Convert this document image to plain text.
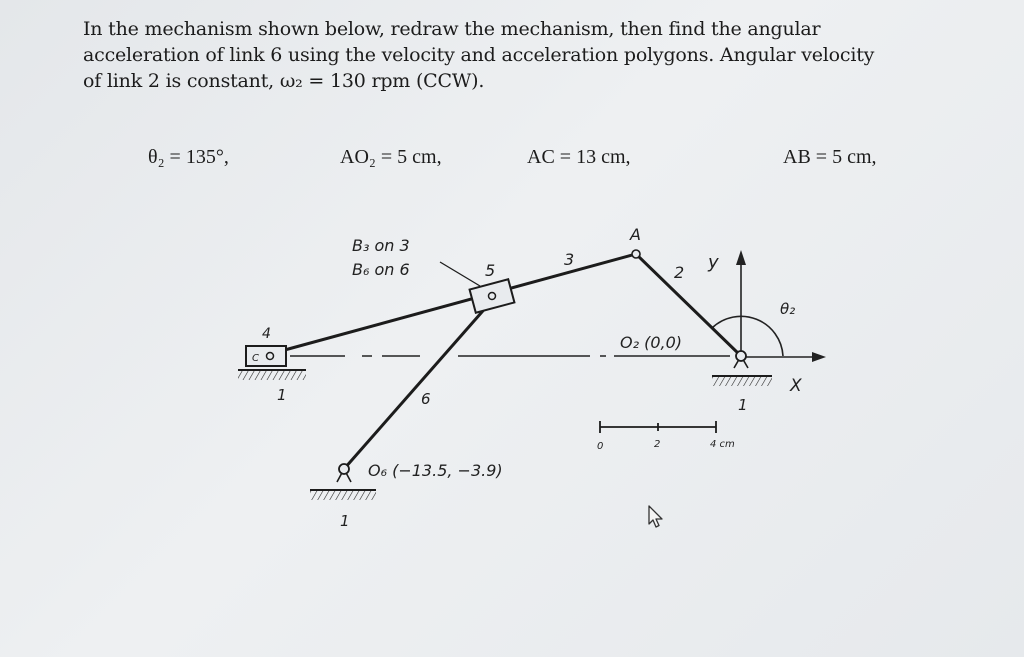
In the mechanism shown below, redraw the mechanism, then find the angular
acceleration of link 6 using the velocity and acceleration polygons. Angular velocity
of link 2 is constant, ω₂ = 130 rpm (CCW).
θ₂ = 135°,	AO₂ = 5 cm,	AC = 13 cm,	AB = 5 cm,
y
X
θ₂
A
C
4
1
1
1
B₃ on 3
B₆ on 6	5
3
2
6
O₂ (0,0)
O₆ (−13.5, −3.9)
0	2	4 cm
